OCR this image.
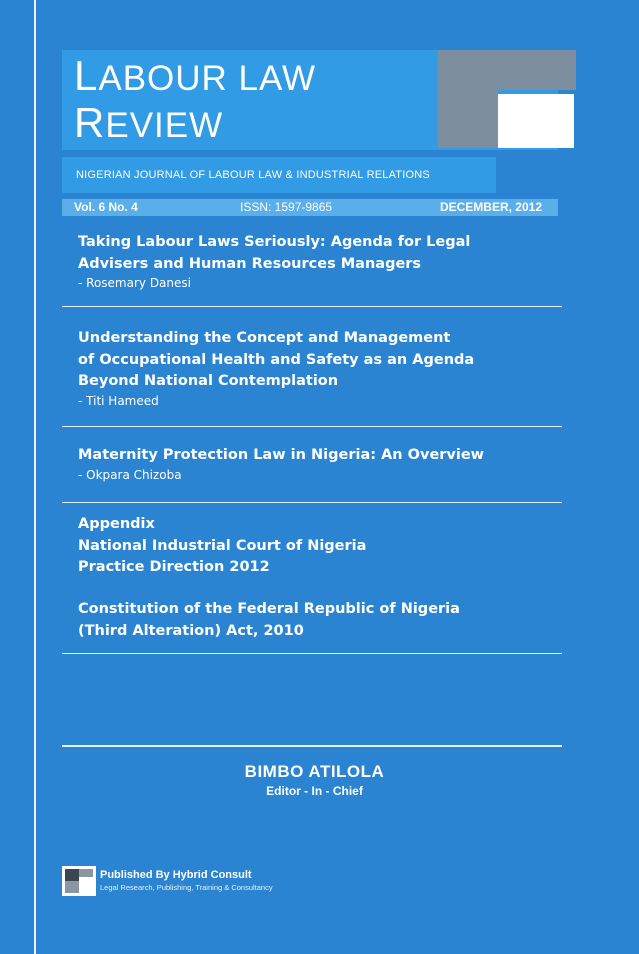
LABOUR LAW
REVIEW
NIGERIAN JOURNAL OF LABOUR LAW & INDUSTRIAL RELATIONS
Vol. 6 No. 4	ISSN: 1597-9865	DECEMBER, 2012
Taking Labour Laws Seriously: Agenda for Legal
Advisers and Human Resources Managers
- Rosemary Danesi
Understanding the Concept and Management
of Occupational Health and Safety as an Agenda
Beyond National Contemplation
- Titi Hameed
Maternity Protection Law in Nigeria: An Overview
- Okpara Chizoba
Appendix
National Industrial Court of Nigeria
Practice Direction 2012
Constitution of the Federal Republic of Nigeria
(Third Alteration) Act, 2010
BIMBO ATILOLA
Editor - In - Chief
Published By Hybrid Consult
Legal Research, Publishing, Training & Consultancy
